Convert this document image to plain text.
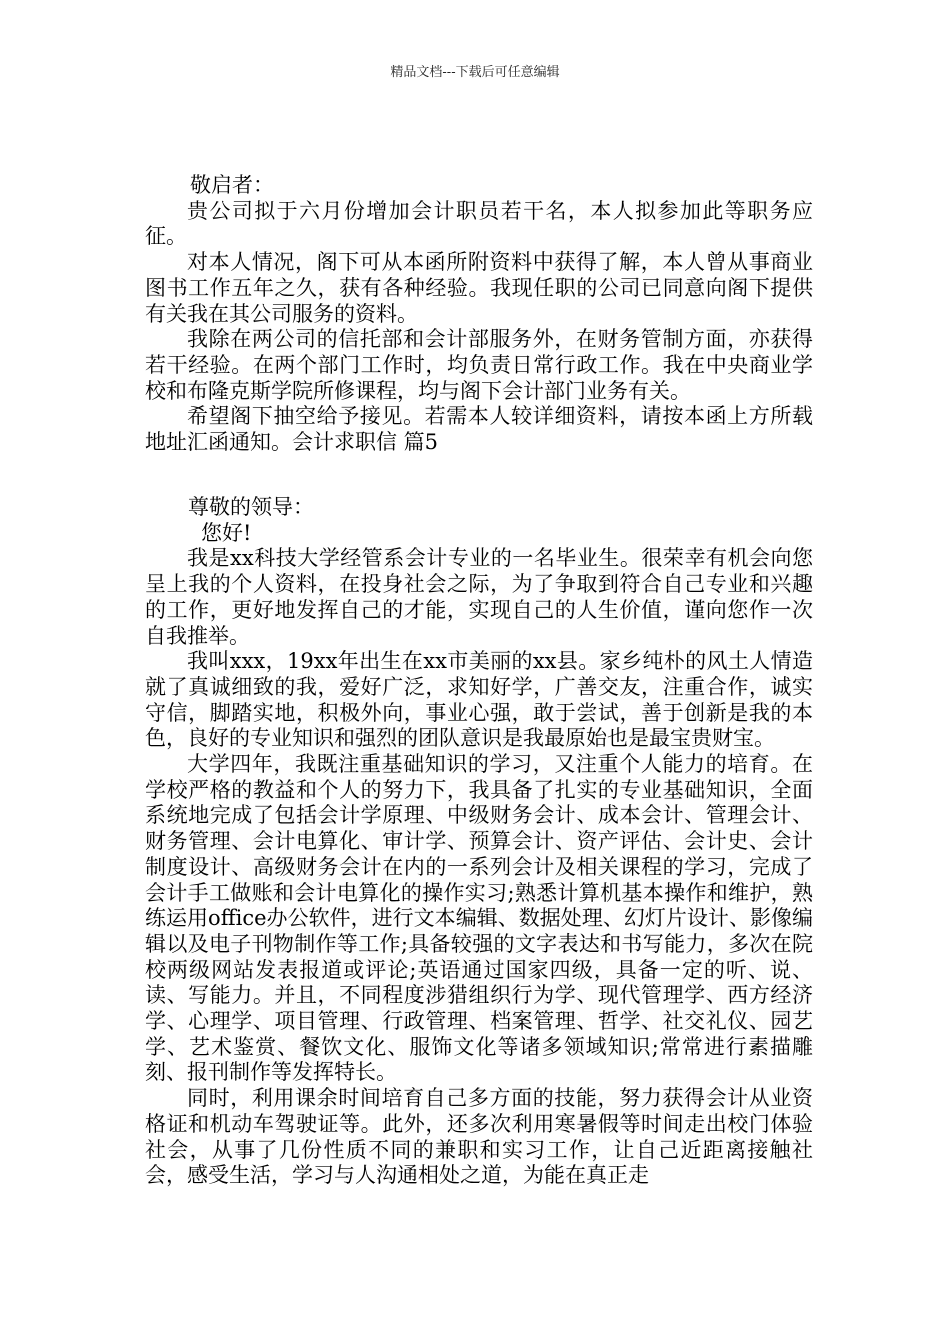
精品文档---下载后可任意编辑

敬启者：

贵公司拟于六月份增加会计职员若干名，本人拟参加此等职务应征。

对本人情况，阁下可从本函所附资料中获得了解，本人曾从事商业图书工作五年之久，获有各种经验。我现任职的公司已同意向阁下提供有关我在其公司服务的资料。

我除在两公司的信托部和会计部服务外，在财务管制方面，亦获得若干经验。在两个部门工作时，均负责日常行政工作。我在中央商业学校和布隆克斯学院所修课程，均与阁下会计部门业务有关。

希望阁下抽空给予接见。若需本人较详细资料，请按本函上方所载地址汇函通知。会计求职信 篇5

尊敬的领导：

您好!

我是xx科技大学经管系会计专业的一名毕业生。很荣幸有机会向您呈上我的个人资料，在投身社会之际，为了争取到符合自己专业和兴趣的工作，更好地发挥自己的才能，实现自己的人生价值，谨向您作一次自我推举。

我叫xxx，19xx年出生在xx市美丽的xx县。家乡纯朴的风土人情造就了真诚细致的我，爱好广泛，求知好学，广善交友，注重合作，诚实守信，脚踏实地，积极外向，事业心强，敢于尝试，善于创新是我的本色，良好的专业知识和强烈的团队意识是我最原始也是最宝贵财宝。

大学四年，我既注重基础知识的学习，又注重个人能力的培育。在学校严格的教益和个人的努力下，我具备了扎实的专业基础知识，全面系统地完成了包括会计学原理、中级财务会计、成本会计、管理会计、财务管理、会计电算化、审计学、预算会计、资产评估、会计史、会计制度设计、高级财务会计在内的一系列会计及相关课程的学习，完成了会计手工做账和会计电算化的操作实习;熟悉计算机基本操作和维护，熟练运用office办公软件，进行文本编辑、数据处理、幻灯片设计、影像编辑以及电子刊物制作等工作;具备较强的文字表达和书写能力，多次在院校两级网站发表报道或评论;英语通过国家四级，具备一定的听、说、读、写能力。并且，不同程度涉猎组织行为学、现代管理学、西方经济学、心理学、项目管理、行政管理、档案管理、哲学、社交礼仪、园艺学、艺术鉴赏、餐饮文化、服饰文化等诸多领域知识;常常进行素描雕刻、报刊制作等发挥特长。

同时，利用课余时间培育自己多方面的技能，努力获得会计从业资格证和机动车驾驶证等。此外，还多次利用寒暑假等时间走出校门体验社会，从事了几份性质不同的兼职和实习工作，让自己近距离接触社会，感受生活，学习与人沟通相处之道，为能在真正走
